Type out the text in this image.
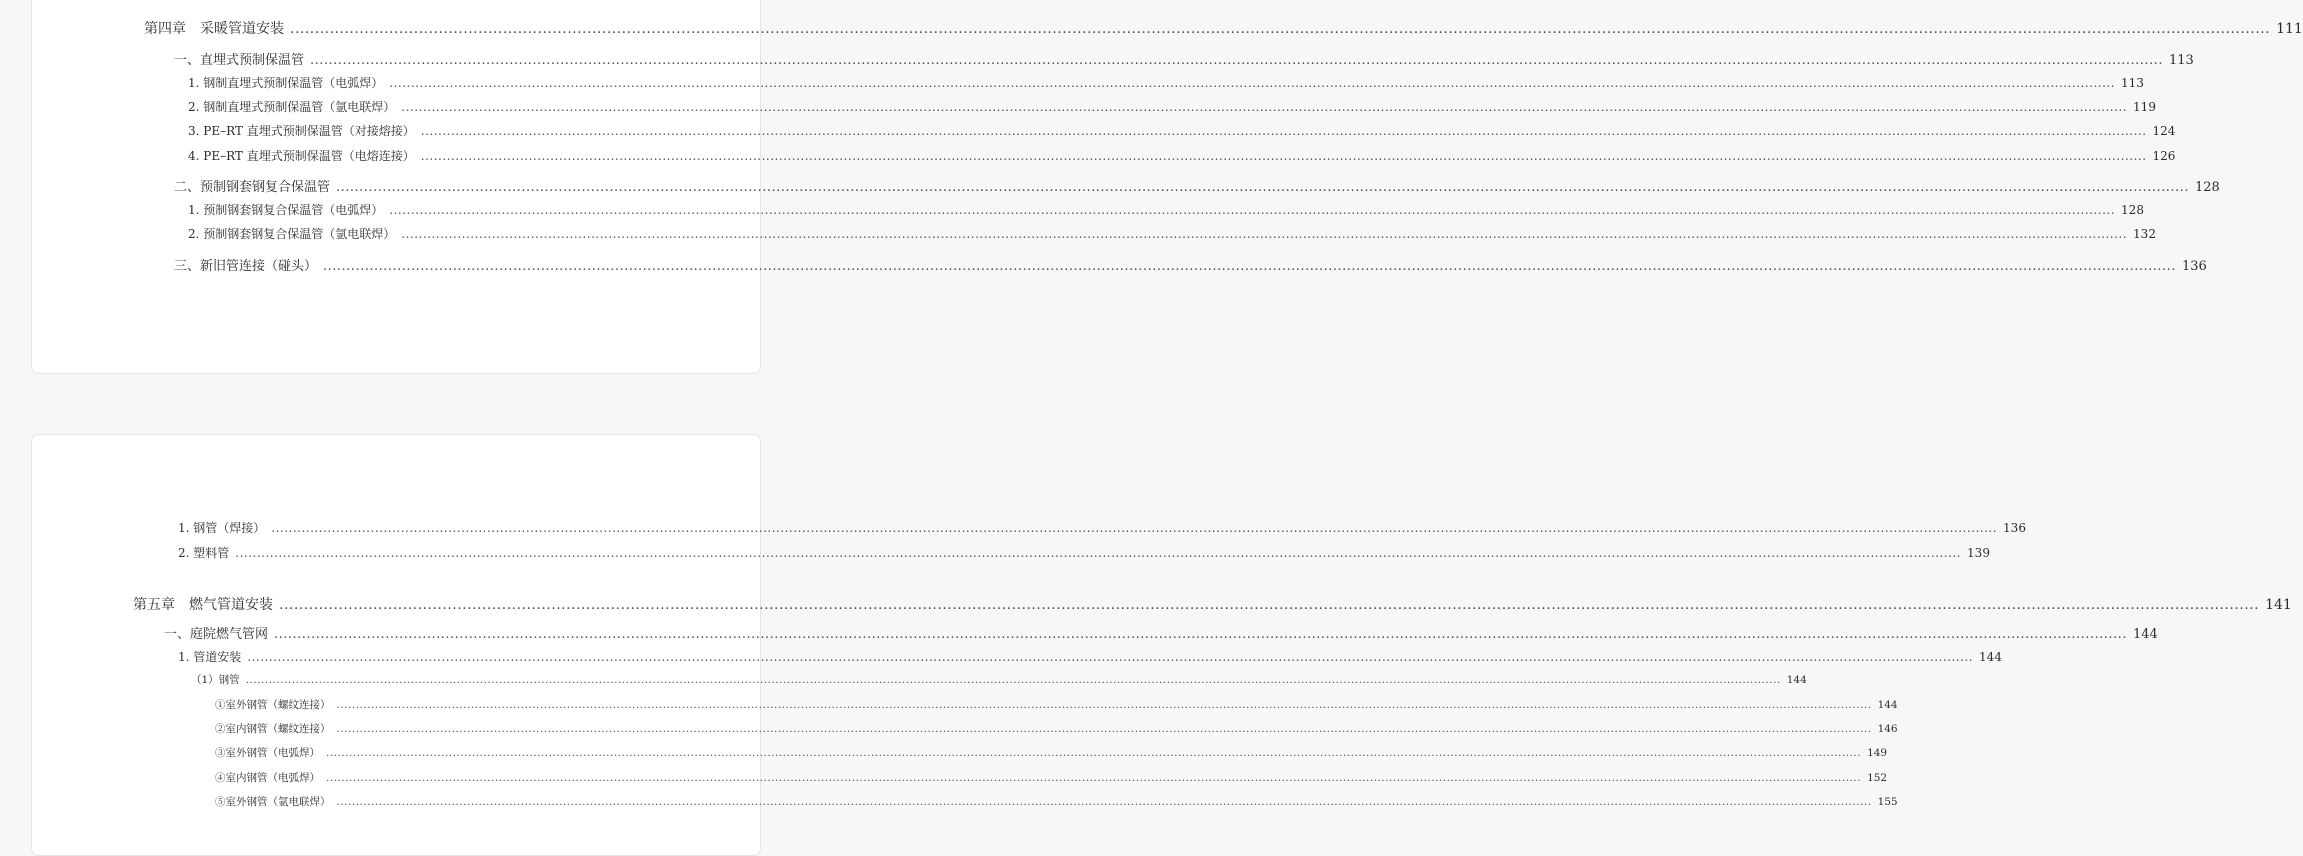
第四章　采暖管道安装 ................................................................................................................................................................................................................................................................................................................................................................................................................ 111
一、直埋式预制保温管 ................................................................................................................................................................................................................................................................................................................................................................................................................ 113
1. 钢制直埋式预制保温管（电弧焊） ................................................................................................................................................................................................................................................................................................................................................................................................................ 113
2. 钢制直埋式预制保温管（氩电联焊） ................................................................................................................................................................................................................................................................................................................................................................................................................ 119
3. PE–RT 直埋式预制保温管（对接熔接） ................................................................................................................................................................................................................................................................................................................................................................................................................ 124
4. PE–RT 直埋式预制保温管（电熔连接） ................................................................................................................................................................................................................................................................................................................................................................................................................ 126
二、预制钢套钢复合保温管 ................................................................................................................................................................................................................................................................................................................................................................................................................ 128
1. 预制钢套钢复合保温管（电弧焊） ................................................................................................................................................................................................................................................................................................................................................................................................................ 128
2. 预制钢套钢复合保温管（氩电联焊） ................................................................................................................................................................................................................................................................................................................................................................................................................ 132
三、新旧管连接（碰头） ................................................................................................................................................................................................................................................................................................................................................................................................................ 136
1. 钢管（焊接） ................................................................................................................................................................................................................................................................................................................................................................................................................ 136
2. 塑料管 ................................................................................................................................................................................................................................................................................................................................................................................................................ 139
第五章　燃气管道安装 ................................................................................................................................................................................................................................................................................................................................................................................................................ 141
一、庭院燃气管网 ................................................................................................................................................................................................................................................................................................................................................................................................................ 144
1. 管道安装 ................................................................................................................................................................................................................................................................................................................................................................................................................ 144
（1）钢管 ................................................................................................................................................................................................................................................................................................................................................................................................................ 144
①室外钢管（螺纹连接） ................................................................................................................................................................................................................................................................................................................................................................................................................ 144
②室内钢管（螺纹连接） ................................................................................................................................................................................................................................................................................................................................................................................................................ 146
③室外钢管（电弧焊） ................................................................................................................................................................................................................................................................................................................................................................................................................ 149
④室内钢管（电弧焊） ................................................................................................................................................................................................................................................................................................................................................................................................................ 152
⑤室外钢管（氩电联焊） ................................................................................................................................................................................................................................................................................................................................................................................................................ 155
